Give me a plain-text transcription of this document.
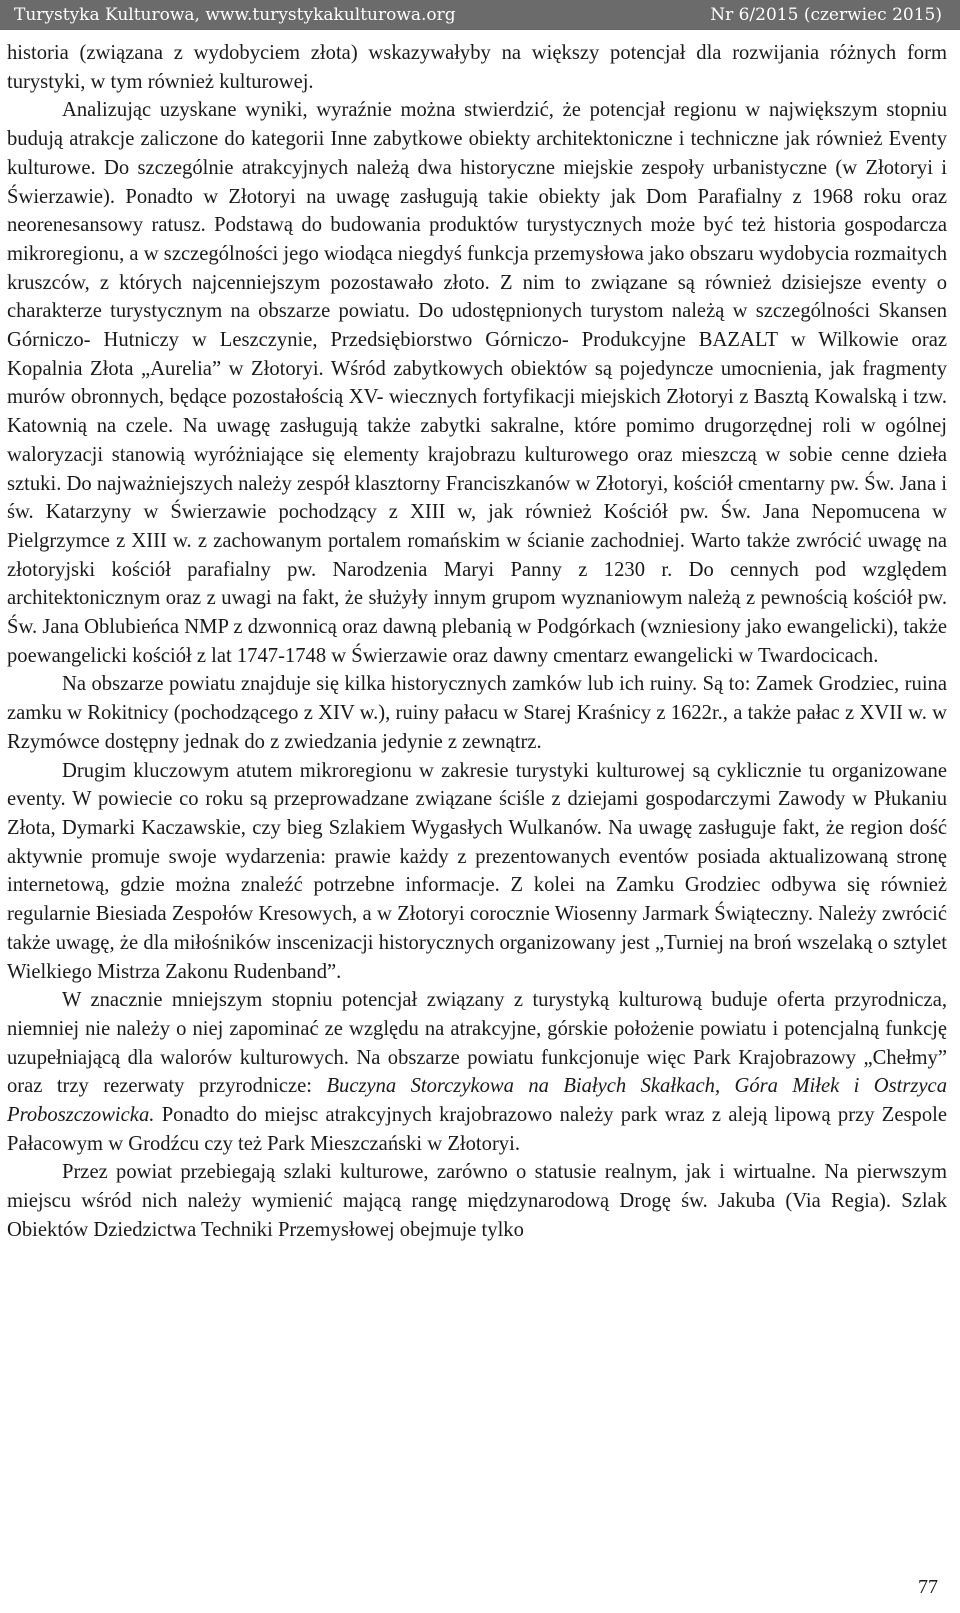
Turystyka Kulturowa, www.turystykakulturowa.org	Nr 6/2015 (czerwiec 2015)

historia (związana z wydobyciem złota) wskazywałyby na większy potencjał dla rozwijania różnych form turystyki, w tym również kulturowej.

Analizując uzyskane wyniki, wyraźnie można stwierdzić, że potencjał regionu w największym stopniu budują atrakcje zaliczone do kategorii Inne zabytkowe obiekty architektoniczne i techniczne jak również Eventy kulturowe. Do szczególnie atrakcyjnych należą dwa historyczne miejskie zespoły urbanistyczne (w Złotoryi i Świerzawie). Ponadto w Złotoryi na uwagę zasługują takie obiekty jak Dom Parafialny z 1968 roku oraz neorenesansowy ratusz. Podstawą do budowania produktów turystycznych może być też historia gospodarcza mikroregionu, a w szczególności jego wiodąca niegdyś funkcja przemysłowa jako obszaru wydobycia rozmaitych kruszców, z których najcenniejszym pozostawało złoto. Z nim to związane są również dzisiejsze eventy o charakterze turystycznym na obszarze powiatu. Do udostępnionych turystom należą w szczególności Skansen Górniczo- Hutniczy w Leszczynie, Przedsiębiorstwo Górniczo- Produkcyjne BAZALT w Wilkowie oraz Kopalnia Złota „Aurelia” w Złotoryi. Wśród zabytkowych obiektów są pojedyncze umocnienia, jak fragmenty murów obronnych, będące pozostałością XV- wiecznych fortyfikacji miejskich Złotoryi z Basztą Kowalską i tzw. Katownią na czele. Na uwagę zasługują także zabytki sakralne, które pomimo drugorzędnej roli w ogólnej waloryzacji stanowią wyróżniające się elementy krajobrazu kulturowego oraz mieszczą w sobie cenne dzieła sztuki. Do najważniejszych należy zespół klasztorny Franciszkanów w Złotoryi, kościół cmentarny pw. Św. Jana i św. Katarzyny w Świerzawie pochodzący z XIII w, jak również Kościół pw. Św. Jana Nepomucena w Pielgrzymce z XIII w. z zachowanym portalem romańskim w ścianie zachodniej. Warto także zwrócić uwagę na złotoryjski kościół parafialny pw. Narodzenia Maryi Panny z 1230 r. Do cennych pod względem architektonicznym oraz z uwagi na fakt, że służyły innym grupom wyznaniowym należą z pewnością kościół pw. Św. Jana Oblubieńca NMP z dzwonnicą oraz dawną plebanią w Podgórkach (wzniesiony jako ewangelicki), także poewangelicki kościół z lat 1747-1748 w Świerzawie oraz dawny cmentarz ewangelicki w Twardocicach.

Na obszarze powiatu znajduje się kilka historycznych zamków lub ich ruiny. Są to: Zamek Grodziec, ruina zamku w Rokitnicy (pochodzącego z XIV w.), ruiny pałacu w Starej Kraśnicy z 1622r., a także pałac z XVII w. w Rzymówce dostępny jednak do z zwiedzania jedynie z zewnątrz.

Drugim kluczowym atutem mikroregionu w zakresie turystyki kulturowej są cyklicznie tu organizowane eventy. W powiecie co roku są przeprowadzane związane ściśle z dziejami gospodarczymi Zawody w Płukaniu Złota, Dymarki Kaczawskie, czy bieg Szlakiem Wygasłych Wulkanów. Na uwagę zasługuje fakt, że region dość aktywnie promuje swoje wydarzenia: prawie każdy z prezentowanych eventów posiada aktualizowaną stronę internetową, gdzie można znaleźć potrzebne informacje. Z kolei na Zamku Grodziec odbywa się również regularnie Biesiada Zespołów Kresowych, a w Złotoryi corocznie Wiosenny Jarmark Świąteczny. Należy zwrócić także uwagę, że dla miłośników inscenizacji historycznych organizowany jest „Turniej na broń wszelaką o sztylet Wielkiego Mistrza Zakonu Rudenband”.

W znacznie mniejszym stopniu potencjał związany z turystyką kulturową buduje oferta przyrodnicza, niemniej nie należy o niej zapominać ze względu na atrakcyjne, górskie położenie powiatu i potencjalną funkcję uzupełniającą dla walorów kulturowych. Na obszarze powiatu funkcjonuje więc Park Krajobrazowy „Chełmy” oraz trzy rezerwaty przyrodnicze: Buczyna Storczykowa na Białych Skałkach, Góra Miłek i Ostrzyca Proboszczowicka. Ponadto do miejsc atrakcyjnych krajobrazowo należy park wraz z aleją lipową przy Zespole Pałacowym w Grodźcu czy też Park Mieszczański w Złotoryi.

Przez powiat przebiegają szlaki kulturowe, zarówno o statusie realnym, jak i wirtualne. Na pierwszym miejscu wśród nich należy wymienić mającą rangę międzynarodową Drogę św. Jakuba (Via Regia). Szlak Obiektów Dziedzictwa Techniki Przemysłowej obejmuje tylko

77
